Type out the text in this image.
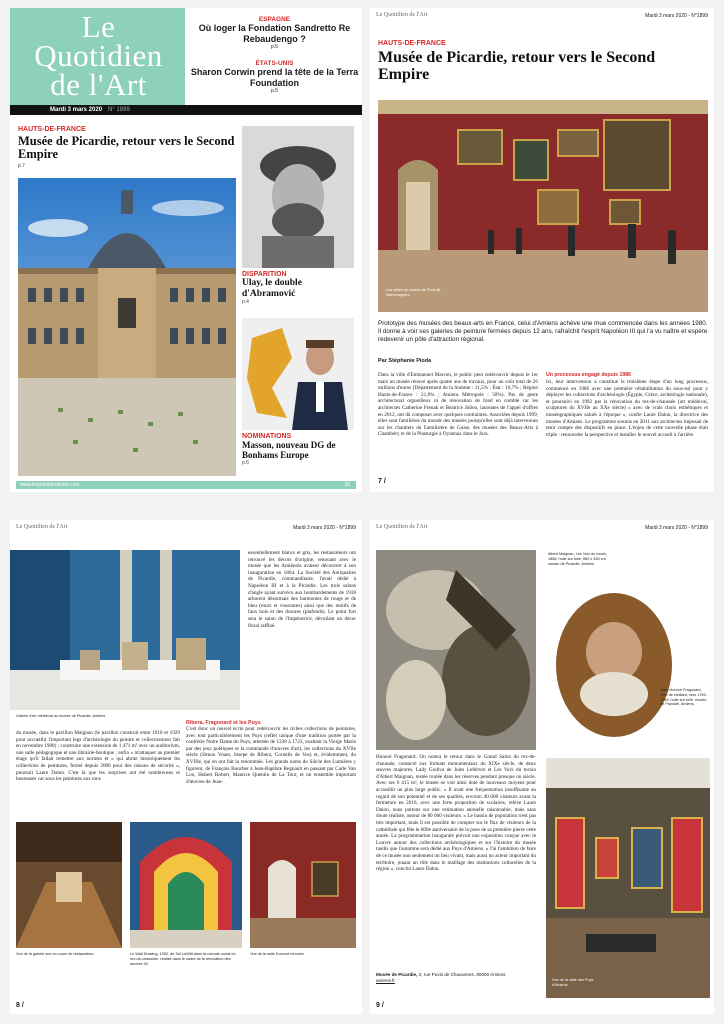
Le
Quotidien
de l'Art
ESPAGNE
Où loger la Fondation Sandretto Re Rebaudengo ?
p.5
ÉTATS-UNIS
Sharon Corwin prend la tête de la Terra Foundation
p.5
Mardi 3 mars 2020 N° 1899
HAUTS-DE-FRANCE
Musée de Picardie, retour vers le Second Empire
p.7
DISPARITION
Ulay, le double d'Abramović
p.4
NOMINATIONS
Masson, nouveau DG de Bonhams Europe
p.6
www.lequotidiendelart.com	26
Le Quotidien de l'Art	Mardi 3 mars 2020 - N°1899
HAUTS-DE-FRANCE
Musée de Picardie, retour vers le Second Empire
Les salles du musée de Picardie réaménagées.
Prototype des musées des beaux-arts en France, celui d'Amiens achève une mue commencée dans les années 1980. Il donne à voir ses galeries de peinture fermées depuis 12 ans, rafraîchit l'esprit Napoléon III qui l'a vu naître et espère redevenir un pôle d'attraction régional.
Par Stéphanie Pioda
Dans la ville d'Emmanuel Macron, le public peut redécouvrir depuis le 1er mars un musée rénové après quatre ans de travaux, pour un coût total de 26 millions d'euros (Département de la Somme : 11,5% ; État : 16,7% ; Région Hauts-de-France : 21,8% ; Amiens Métropole : 50%). Pas de geste architectural orgueilleux ni de rénovation de fond en comble car les architectes Catherine Frenak et Béatrice Julien, lauréates de l'appel d'offres en 2012, ont dû composer avec quelques contraintes. Associées depuis 1999, elles sont familières du monde des musées puisqu'elles sont déjà intervenues sur les chantiers du Familistère de Guise, des musées des Beaux-Arts à Chambéry et de la Plasturgie à Oyonnax dans le Jura.
Un processus engagé depuis 1986
Ici, leur intervention a constitué la troisième étape d'un long processus, commencé en 1986 avec une première réhabilitation du sous-sol pour y déployer les collections d'archéologie (Égypte, Grèce, archéologie nationale), et poursuivi en 1992 par la rénovation du rez-de-chaussée (art médiéval, sculptures du XVIIe au XXe siècle) « avec de vrais choix esthétiques et muséographiques salués à l'époque », confie Laure Dalon, la directrice des musées d'Amiens. Le programme soumis en 2011 aux architectes imposait de tenir compte des dispositifs en place. L'enjeu de cette nouvelle phase était triple : renouveler la perspective et installer le nouvel accueil à l'arrière
7 /
Le Quotidien de l'Art	Mardi 3 mars 2020 - N°1899
Galerie d'art médiéval au musée de Picardie, Amiens.
essentiellement blancs et gris, les restaurateurs ont retrouvé les décors d'origine, renouant avec le musée que les Amiénois avaient découvert à son inauguration en 1864. La Société des Antiquaires de Picardie, commanditaire, l'avait dédié à Napoléon III et à la Picardie. Les trois salons d'angle ayant survécu aux bombardements de 1918 arborent désormais des harmonies de rouge et de bleu (murs et voussures) ainsi que des motifs de faux bois et des dorures (plafonds). Le point fort sera le salon de l'Impératrice, dévoilant un décor floral raffiné.
Ribera, Fragonard et les Puys
C'est donc un nouvel écrin pour redécouvrir les riches collections de peintures, avec tout particulièrement les Puys (reflet unique d'une tradition portée par la confrérie Notre Dame du Puys, attestée de 1338 à 1723, exaltant la Vierge Marie par des jeux poétiques et la commande d'œuvres d'art), les collections du XVIIe siècle (Simon Vouet, Josepe de Ribera, Cornelis de Vos) et, évidemment, du XVIIIe, qui en ont fait la renommée. Les grands noms du Siècle des Lumières y figurent, de François Boucher à Jean-Baptiste Regnault en passant par Carle Van Loo, Hubert Robert, Maurice Quentin de La Tour, et un ensemble important d'œuvres de Jean-
du musée, dans le pavillon Maignan (le pavillon construit entre 1910 et 1929 pour accueillir l'important legs d'archéologie du peintre et collectionneur fait en novembre 1908) ; construire une extension de 1 471 m² avec un auditorium, une salle pédagogique et une librairie-boutique ; enfin « m'attaquer au premier étage qu'il fallait remettre aux normes et « qui abrite historiquement les collections de peintures, fermé depuis 2008 pour des raisons de sécurité », poursuit Laure Dalon. C'est là que les surprises ont été nombreuses et heureuses car sous les peintures aux tons
Vue de la galerie sud en cours de restauration.	Le Wall Drawing, 1992, de Sol LeWitt dans la rotonde ouest du rez-de-chaussée, réalisé dans le cadre de la rénovation des années 90.
Vue de la salle Dumont rénovée.
8 /
Le Quotidien de l'Art	Mardi 3 mars 2020 - N°1899
Albert Maignan, Les Voix du tocsin, 1888, huile sur toile, 660 x 450 cm, musée de Picardie, Amiens.
Jean-Honoré Fragonard, Tête de vieillard, vers 1769-1769, huile sur toile, musée de Picardie, Amiens.
Honoré Fragonard. On notera le retour dans le Grand Salon du rez-de-chaussée, consacré aux formats monumentaux du XIXe siècle, de deux œuvres majeures, Lady Godiva de Jules Lefebvre et Les Voix du tocsin d'Albert Maignan, restée roulée dans les réserves pendant presque un siècle. Avec ses 6 415 m², le musée se voit ainsi doté de nouveaux moyens pour accueillir un plus large public. « Il avait une fréquentation insuffisante au regard de son potentiel et de ses qualités, environ 40 000 visiteurs avant la fermeture en 2016, avec une forte proportion de scolaires, relève Laure Dalon, nous partons sur une estimation annuelle raisonnable, mais sans doute réaliste, autour de 80 000 visiteurs. » Le bassin de population n'est pas très important, mais il est possible de compter sur le flux de visiteurs de la cathédrale qui fête le 800e anniversaire de la pose de sa première pierre cette année. La programmation inaugurale prévoit une exposition conçue avec le Louvre autour des collections archéologiques et sur l'histoire du musée tandis que l'automne sera dédié aux Puys d'Amiens. « J'ai l'ambition de faire de ce musée non seulement un lieu vivant, mais aussi un acteur important du territoire, jouant un rôle dans le maillage des institutions culturelles de la région », conclut Laure Dalon.
Musée de Picardie, 2, rue Puvis de Chavannes, 80000 Amiens
amiens.fr	Vue de la salle des Puys d'Amiens.
9 /
